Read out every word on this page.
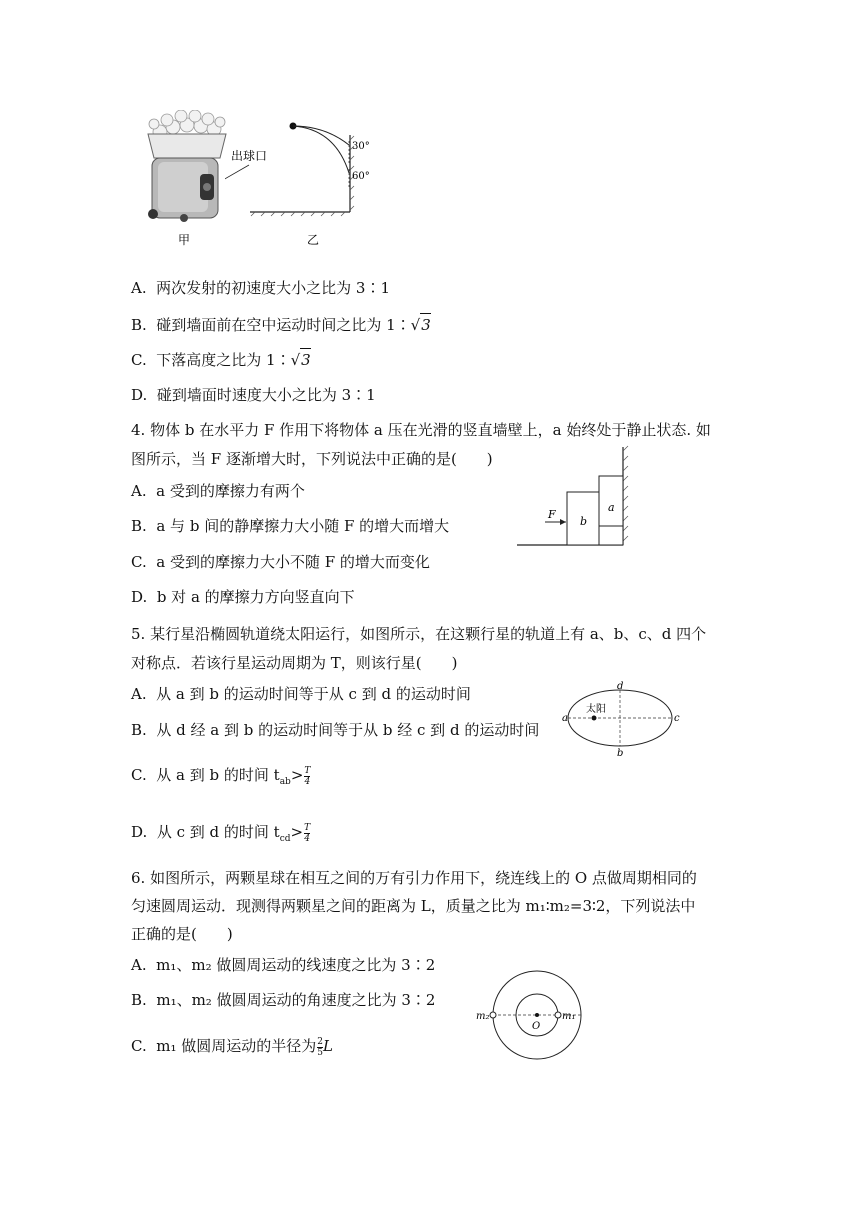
甲
出球口
30°
60°
乙
A. 两次发射的初速度大小之比为 3∶1
B. 碰到墙面前在空中运动时间之比为 1∶√3
C. 下落高度之比为 1∶√3
D. 碰到墙面时速度大小之比为 3∶1
4. 物体 b 在水平力 F 作用下将物体 a 压在光滑的竖直墙壁上，a 始终处于静止状态. 如
图所示，当 F 逐渐增大时，下列说法中正确的是(　　)
A. a 受到的摩擦力有两个
B. a 与 b 间的静摩擦力大小随 F 的增大而增大
C. a 受到的摩擦力大小不随 F 的增大而变化
D. b 对 a 的摩擦力方向竖直向下
F
b
a
5. 某行星沿椭圆轨道绕太阳运行，如图所示，在这颗行星的轨道上有 a、b、c、d 四个
对称点．若该行星运动周期为 T，则该行星(　　)
A. 从 a 到 b 的运动时间等于从 c 到 d 的运动时间
B. 从 d 经 a 到 b 的运动时间等于从 b 经 c 到 d 的运动时间
C. 从 a 到 b 的时间 $t_{ab}> \frac{T}{4}$
D. 从 c 到 d 的时间 $t_{cd}> \frac{T}{4}$
太阳
a	c
d
b
6. 如图所示，两颗星球在相互之间的万有引力作用下，绕连线上的 O 点做周期相同的
匀速圆周运动．现测得两颗星之间的距离为 L，质量之比为 m₁∶m₂=3∶2，下列说法中
正确的是(　　)
A. m₁、m₂ 做圆周运动的线速度之比为 3∶2
B. m₁、m₂ 做圆周运动的角速度之比为 3∶2
C. m₁ 做圆周运动的半径为 $\frac{2}{5}$ L
m₂	m₁
O
